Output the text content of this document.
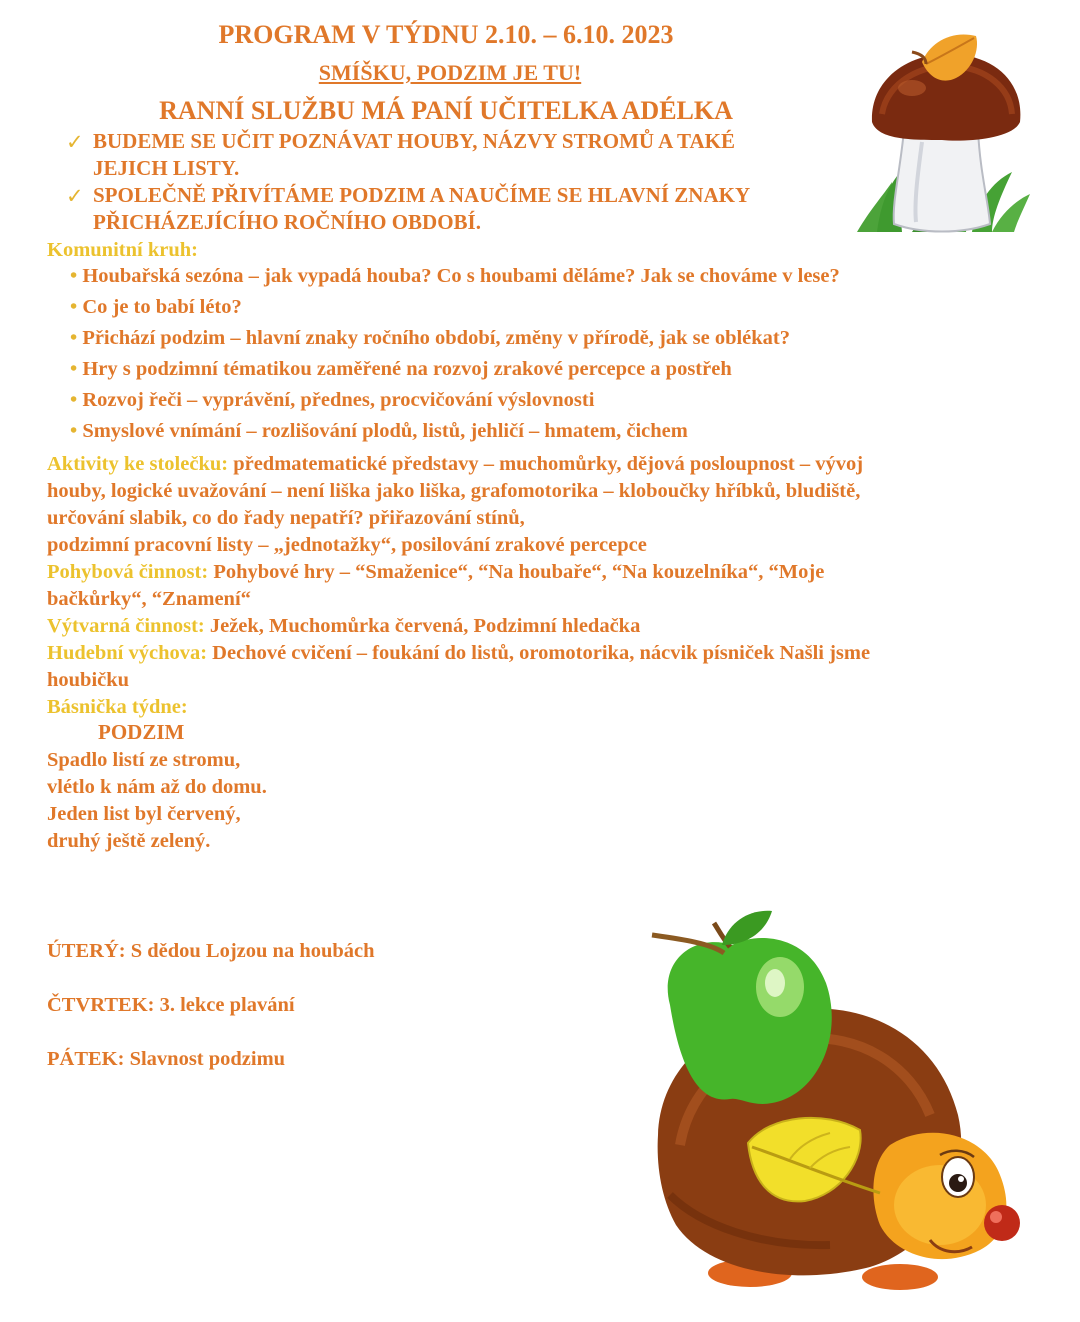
PROGRAM V TÝDNU 2.10. – 6.10. 2023
SMÍŠKU, PODZIM JE TU!
RANNÍ SLUŽBU MÁ PANÍ UČITELKA ADÉLKA
✓ BUDEME SE UČIT POZNÁVAT HOUBY, NÁZVY STROMŮ A TAKÉ
JEJICH LISTY.
✓ SPOLEČNĚ PŘIVÍTÁME PODZIM A NAUČÍME SE HLAVNÍ ZNAKY
PŘICHÁZEJÍCÍHO ROČNÍHO OBDOBÍ.
Komunitní kruh:
• Houbařská sezóna – jak vypadá houba? Co s houbami děláme? Jak se chováme v lese?
• Co je to babí léto?
• Přichází podzim – hlavní znaky ročního období, změny v přírodě, jak se oblékat?
• Hry s podzimní tématikou zaměřené na rozvoj zrakové percepce a postřeh
• Rozvoj řeči – vyprávění, přednes, procvičování výslovnosti
• Smyslové vnímání – rozlišování plodů, listů, jehličí – hmatem, čichem
Aktivity ke stolečku: předmatematické představy – muchomůrky, dějová posloupnost – vývoj
houby, logické uvažování – není liška jako liška, grafomotorika – kloboučky hříbků, bludiště,
určování slabik, co do řady nepatří? přiřazování stínů,
podzimní pracovní listy – „jednotažky“, posilování zrakové percepce
Pohybová činnost: Pohybové hry – “Smaženice“, “Na houbaře“, “Na kouzelníka“, “Moje
bačkůrky“, “Znamení“
Výtvarná činnost: Ježek, Muchomůrka červená, Podzimní hledačka
Hudební výchova: Dechové cvičení – foukání do listů, oromotorika, nácvik písniček Našli jsme
houbičku
Básnička týdne:
PODZIM
Spadlo listí ze stromu,
vlétlo k nám až do domu.
Jeden list byl červený,
druhý ještě zelený.
ÚTERÝ: S dědou Lojzou na houbách
ČTVRTEK: 3. lekce plavání
PÁTEK: Slavnost podzimu
